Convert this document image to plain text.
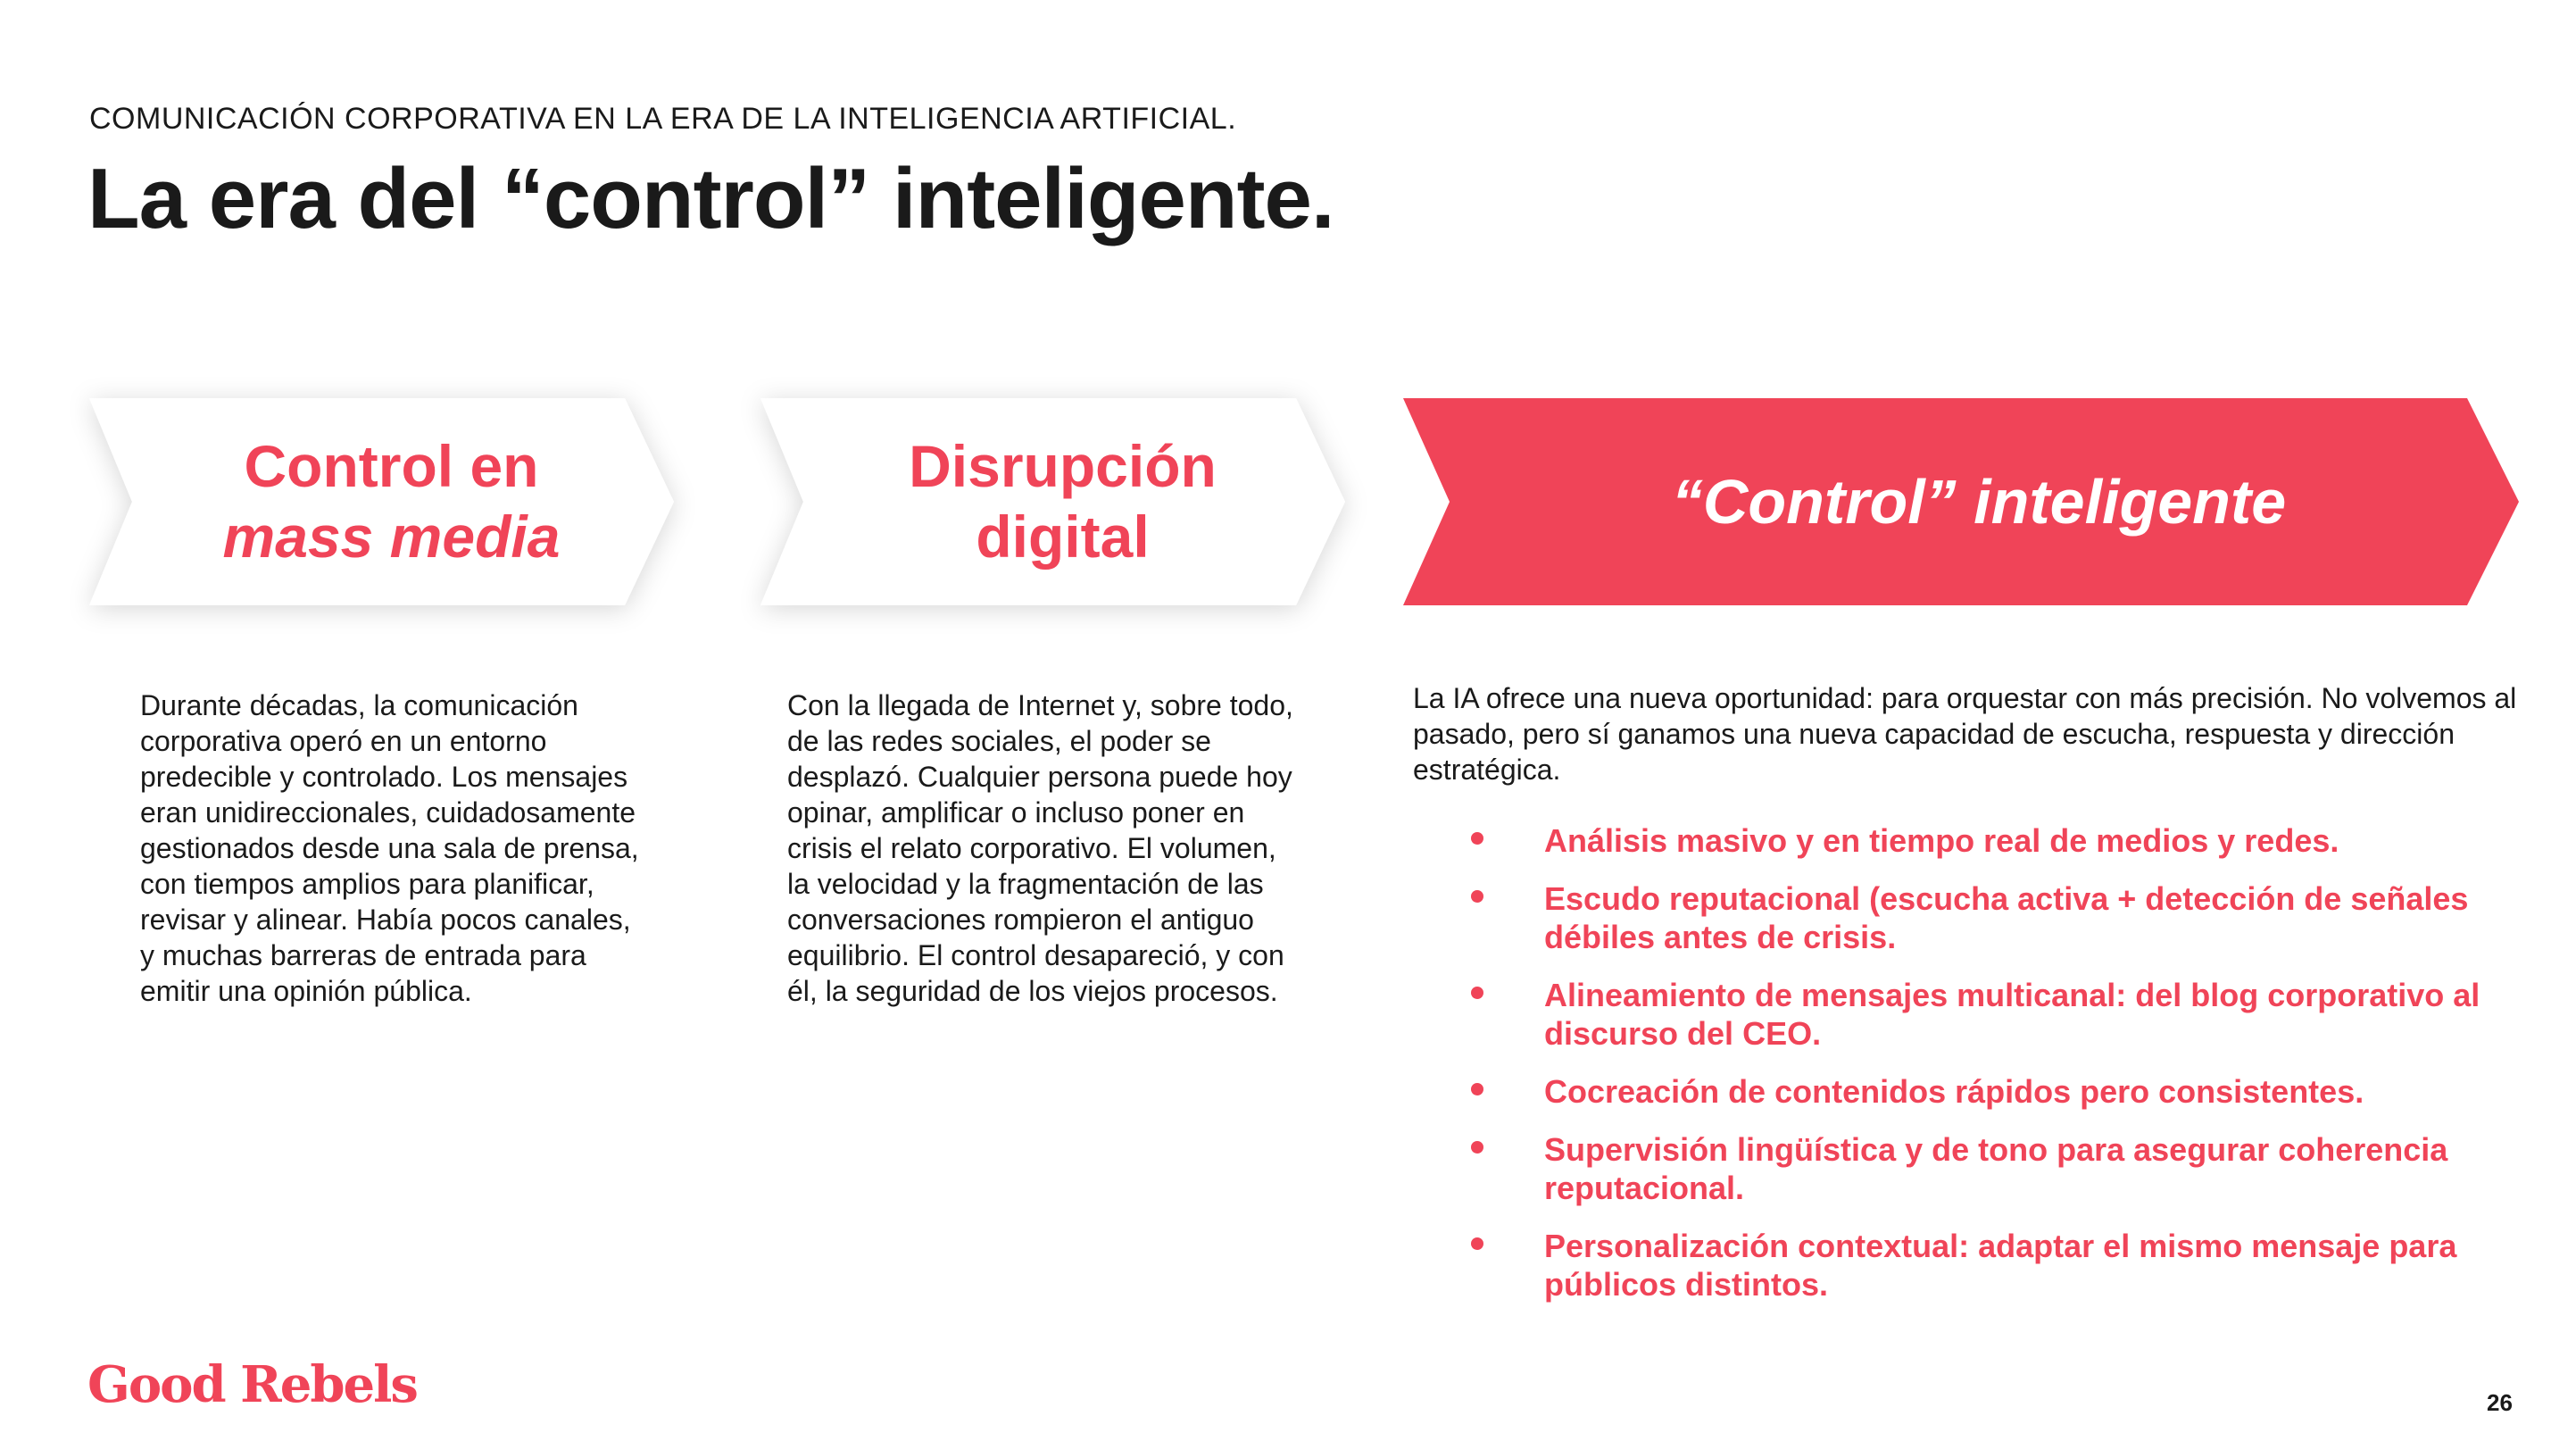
COMUNICACIÓN CORPORATIVA EN LA ERA DE LA INTELIGENCIA ARTIFICIAL.
La era del “control” inteligente.
Control en
mass media
Disrupción
digital	“Control” inteligente

Durante décadas, la comunicación corporativa operó en un entorno predecible y controlado. Los mensajes eran unidireccionales, cuidadosamente gestionados desde una sala de prensa, con tiempos amplios para planificar, revisar y alinear. Había pocos canales, y muchas barreras de entrada para emitir una opinión pública.

Con la llegada de Internet y, sobre todo, de las redes sociales, el poder se desplazó. Cualquier persona puede hoy opinar, amplificar o incluso poner en crisis el relato corporativo. El volumen, la velocidad y la fragmentación de las conversaciones rompieron el antiguo equilibrio. El control desapareció, y con él, la seguridad de los viejos procesos.

La IA ofrece una nueva oportunidad: para orquestar con más precisión. No volvemos al pasado, pero sí ganamos una nueva capacidad de escucha, respuesta y dirección estratégica.

Análisis masivo y en tiempo real de medios y redes.
Escudo reputacional (escucha activa + detección de señales débiles antes de crisis.
Alineamiento de mensajes multicanal: del blog corporativo al discurso del CEO.
Cocreación de contenidos rápidos pero consistentes.
Supervisión lingüística y de tono para asegurar coherencia reputacional.
Personalización contextual: adaptar el mismo mensaje para públicos distintos.
Good Rebels	26
